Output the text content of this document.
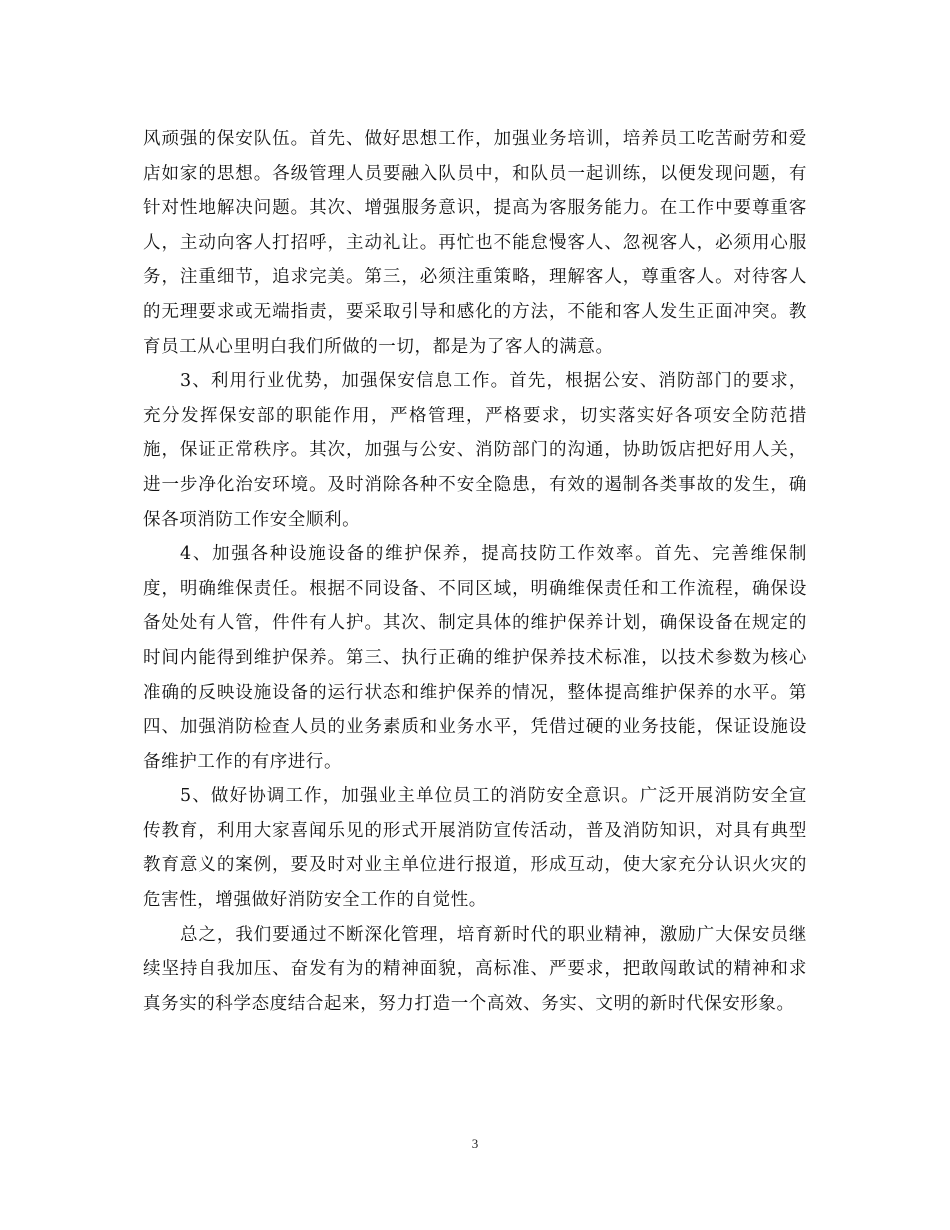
风顽强的保安队伍。首先、做好思想工作，加强业务培训，培养员工吃苦耐劳和爱店如家的思想。各级管理人员要融入队员中，和队员一起训练，以便发现问题，有针对性地解决问题。其次、增强服务意识，提高为客服务能力。在工作中要尊重客人，主动向客人打招呼，主动礼让。再忙也不能怠慢客人、忽视客人，必须用心服务，注重细节，追求完美。第三，必须注重策略，理解客人，尊重客人。对待客人的无理要求或无端指责，要采取引导和感化的方法，不能和客人发生正面冲突。教育员工从心里明白我们所做的一切，都是为了客人的满意。

3、利用行业优势，加强保安信息工作。首先，根据公安、消防部门的要求，充分发挥保安部的职能作用，严格管理，严格要求，切实落实好各项安全防范措施，保证正常秩序。其次，加强与公安、消防部门的沟通，协助饭店把好用人关，进一步净化治安环境。及时消除各种不安全隐患，有效的遏制各类事故的发生，确保各项消防工作安全顺利。

4、加强各种设施设备的维护保养，提高技防工作效率。首先、完善维保制度，明确维保责任。根据不同设备、不同区域，明确维保责任和工作流程，确保设备处处有人管，件件有人护。其次、制定具体的维护保养计划，确保设备在规定的时间内能得到维护保养。第三、执行正确的维护保养技术标准，以技术参数为核心准确的反映设施设备的运行状态和维护保养的情况，整体提高维护保养的水平。第四、加强消防检查人员的业务素质和业务水平，凭借过硬的业务技能，保证设施设备维护工作的有序进行。

5、做好协调工作，加强业主单位员工的消防安全意识。广泛开展消防安全宣传教育，利用大家喜闻乐见的形式开展消防宣传活动，普及消防知识，对具有典型教育意义的案例，要及时对业主单位进行报道，形成互动，使大家充分认识火灾的危害性，增强做好消防安全工作的自觉性。

总之，我们要通过不断深化管理，培育新时代的职业精神，激励广大保安员继续坚持自我加压、奋发有为的精神面貌，高标准、严要求，把敢闯敢试的精神和求真务实的科学态度结合起来，努力打造一个高效、务实、文明的新时代保安形象。

3
